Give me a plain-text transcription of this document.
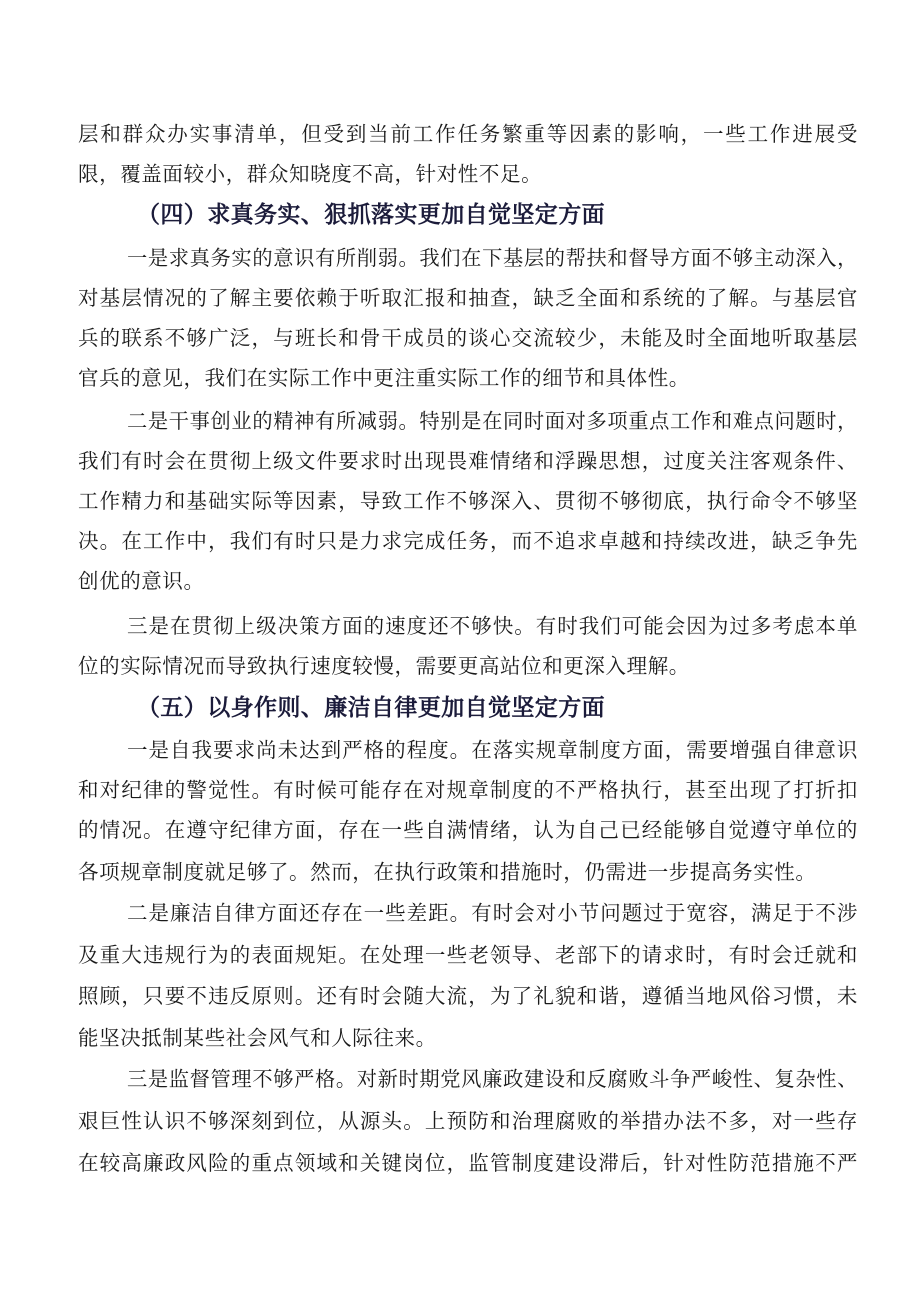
层和群众办实事清单，但受到当前工作任务繁重等因素的影响，一些工作进展受
限，覆盖面较小，群众知晓度不高，针对性不足。
（四）求真务实、狠抓落实更加自觉坚定方面
一是求真务实的意识有所削弱。我们在下基层的帮扶和督导方面不够主动深入，
对基层情况的了解主要依赖于听取汇报和抽查，缺乏全面和系统的了解。与基层官
兵的联系不够广泛，与班长和骨干成员的谈心交流较少，未能及时全面地听取基层
官兵的意见，我们在实际工作中更注重实际工作的细节和具体性。
二是干事创业的精神有所减弱。特别是在同时面对多项重点工作和难点问题时，
我们有时会在贯彻上级文件要求时出现畏难情绪和浮躁思想，过度关注客观条件、
工作精力和基础实际等因素，导致工作不够深入、贯彻不够彻底，执行命令不够坚
决。在工作中，我们有时只是力求完成任务，而不追求卓越和持续改进，缺乏争先
创优的意识。
三是在贯彻上级决策方面的速度还不够快。有时我们可能会因为过多考虑本单
位的实际情况而导致执行速度较慢，需要更高站位和更深入理解。
（五）以身作则、廉洁自律更加自觉坚定方面
一是自我要求尚未达到严格的程度。在落实规章制度方面，需要增强自律意识
和对纪律的警觉性。有时候可能存在对规章制度的不严格执行，甚至出现了打折扣
的情况。在遵守纪律方面，存在一些自满情绪，认为自己已经能够自觉遵守单位的
各项规章制度就足够了。然而，在执行政策和措施时，仍需进一步提高务实性。
二是廉洁自律方面还存在一些差距。有时会对小节问题过于宽容，满足于不涉
及重大违规行为的表面规矩。在处理一些老领导、老部下的请求时，有时会迁就和
照顾，只要不违反原则。还有时会随大流，为了礼貌和谐，遵循当地风俗习惯，未
能坚决抵制某些社会风气和人际往来。
三是监督管理不够严格。对新时期党风廉政建设和反腐败斗争严峻性、复杂性、
艰巨性认识不够深刻到位，从源头。上预防和治理腐败的举措办法不多，对一些存
在较高廉政风险的重点领域和关键岗位，监管制度建设滞后，针对性防范措施不严
